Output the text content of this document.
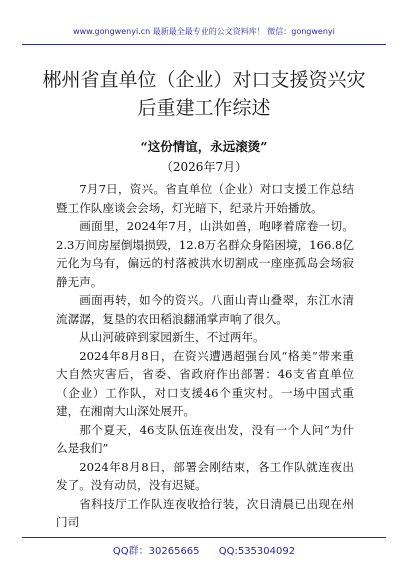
www.gongwenyi.cn 最新最全最专业的公文资料库！ 微信：gongwenyi
郴州省直单位（企业）对口支援资兴灾后重建工作综述
“这份情谊，永远滚烫”
（2026年7月）

7月7日，资兴。省直单位（企业）对口支援工作总结暨工作队座谈会会场，灯光暗下，纪录片开始播放。

画面里，2024年7月，山洪如兽，咆哮着席卷一切。2.3万间房屋倒塌损毁，12.8万名群众身陷困境，166.8亿元化为乌有，偏远的村落被洪水切割成一座座孤岛会场寂静无声。

画面再转，如今的资兴。八面山青山叠翠，东江水清流潺潺，复垦的农田稻浪翻涌掌声响了很久。

从山河破碎到家园新生，不过两年。

2024年8月8日，在资兴遭遇超强台风“格美”带来重大自然灾害后，省委、省政府作出部署：46支省直单位（企业）工作队，对口支援46个重灾村。一场中国式重建，在湘南大山深处展开。

那个夏天，46支队伍连夜出发，没有一个人问“为什么是我们”

2024年8月8日，部署会刚结束，各工作队就连夜出发了。没有动员，没有迟疑。

省科技厅工作队连夜收拾行装，次日清晨已出现在州门司

QQ群：30265665 QQ:535304092
